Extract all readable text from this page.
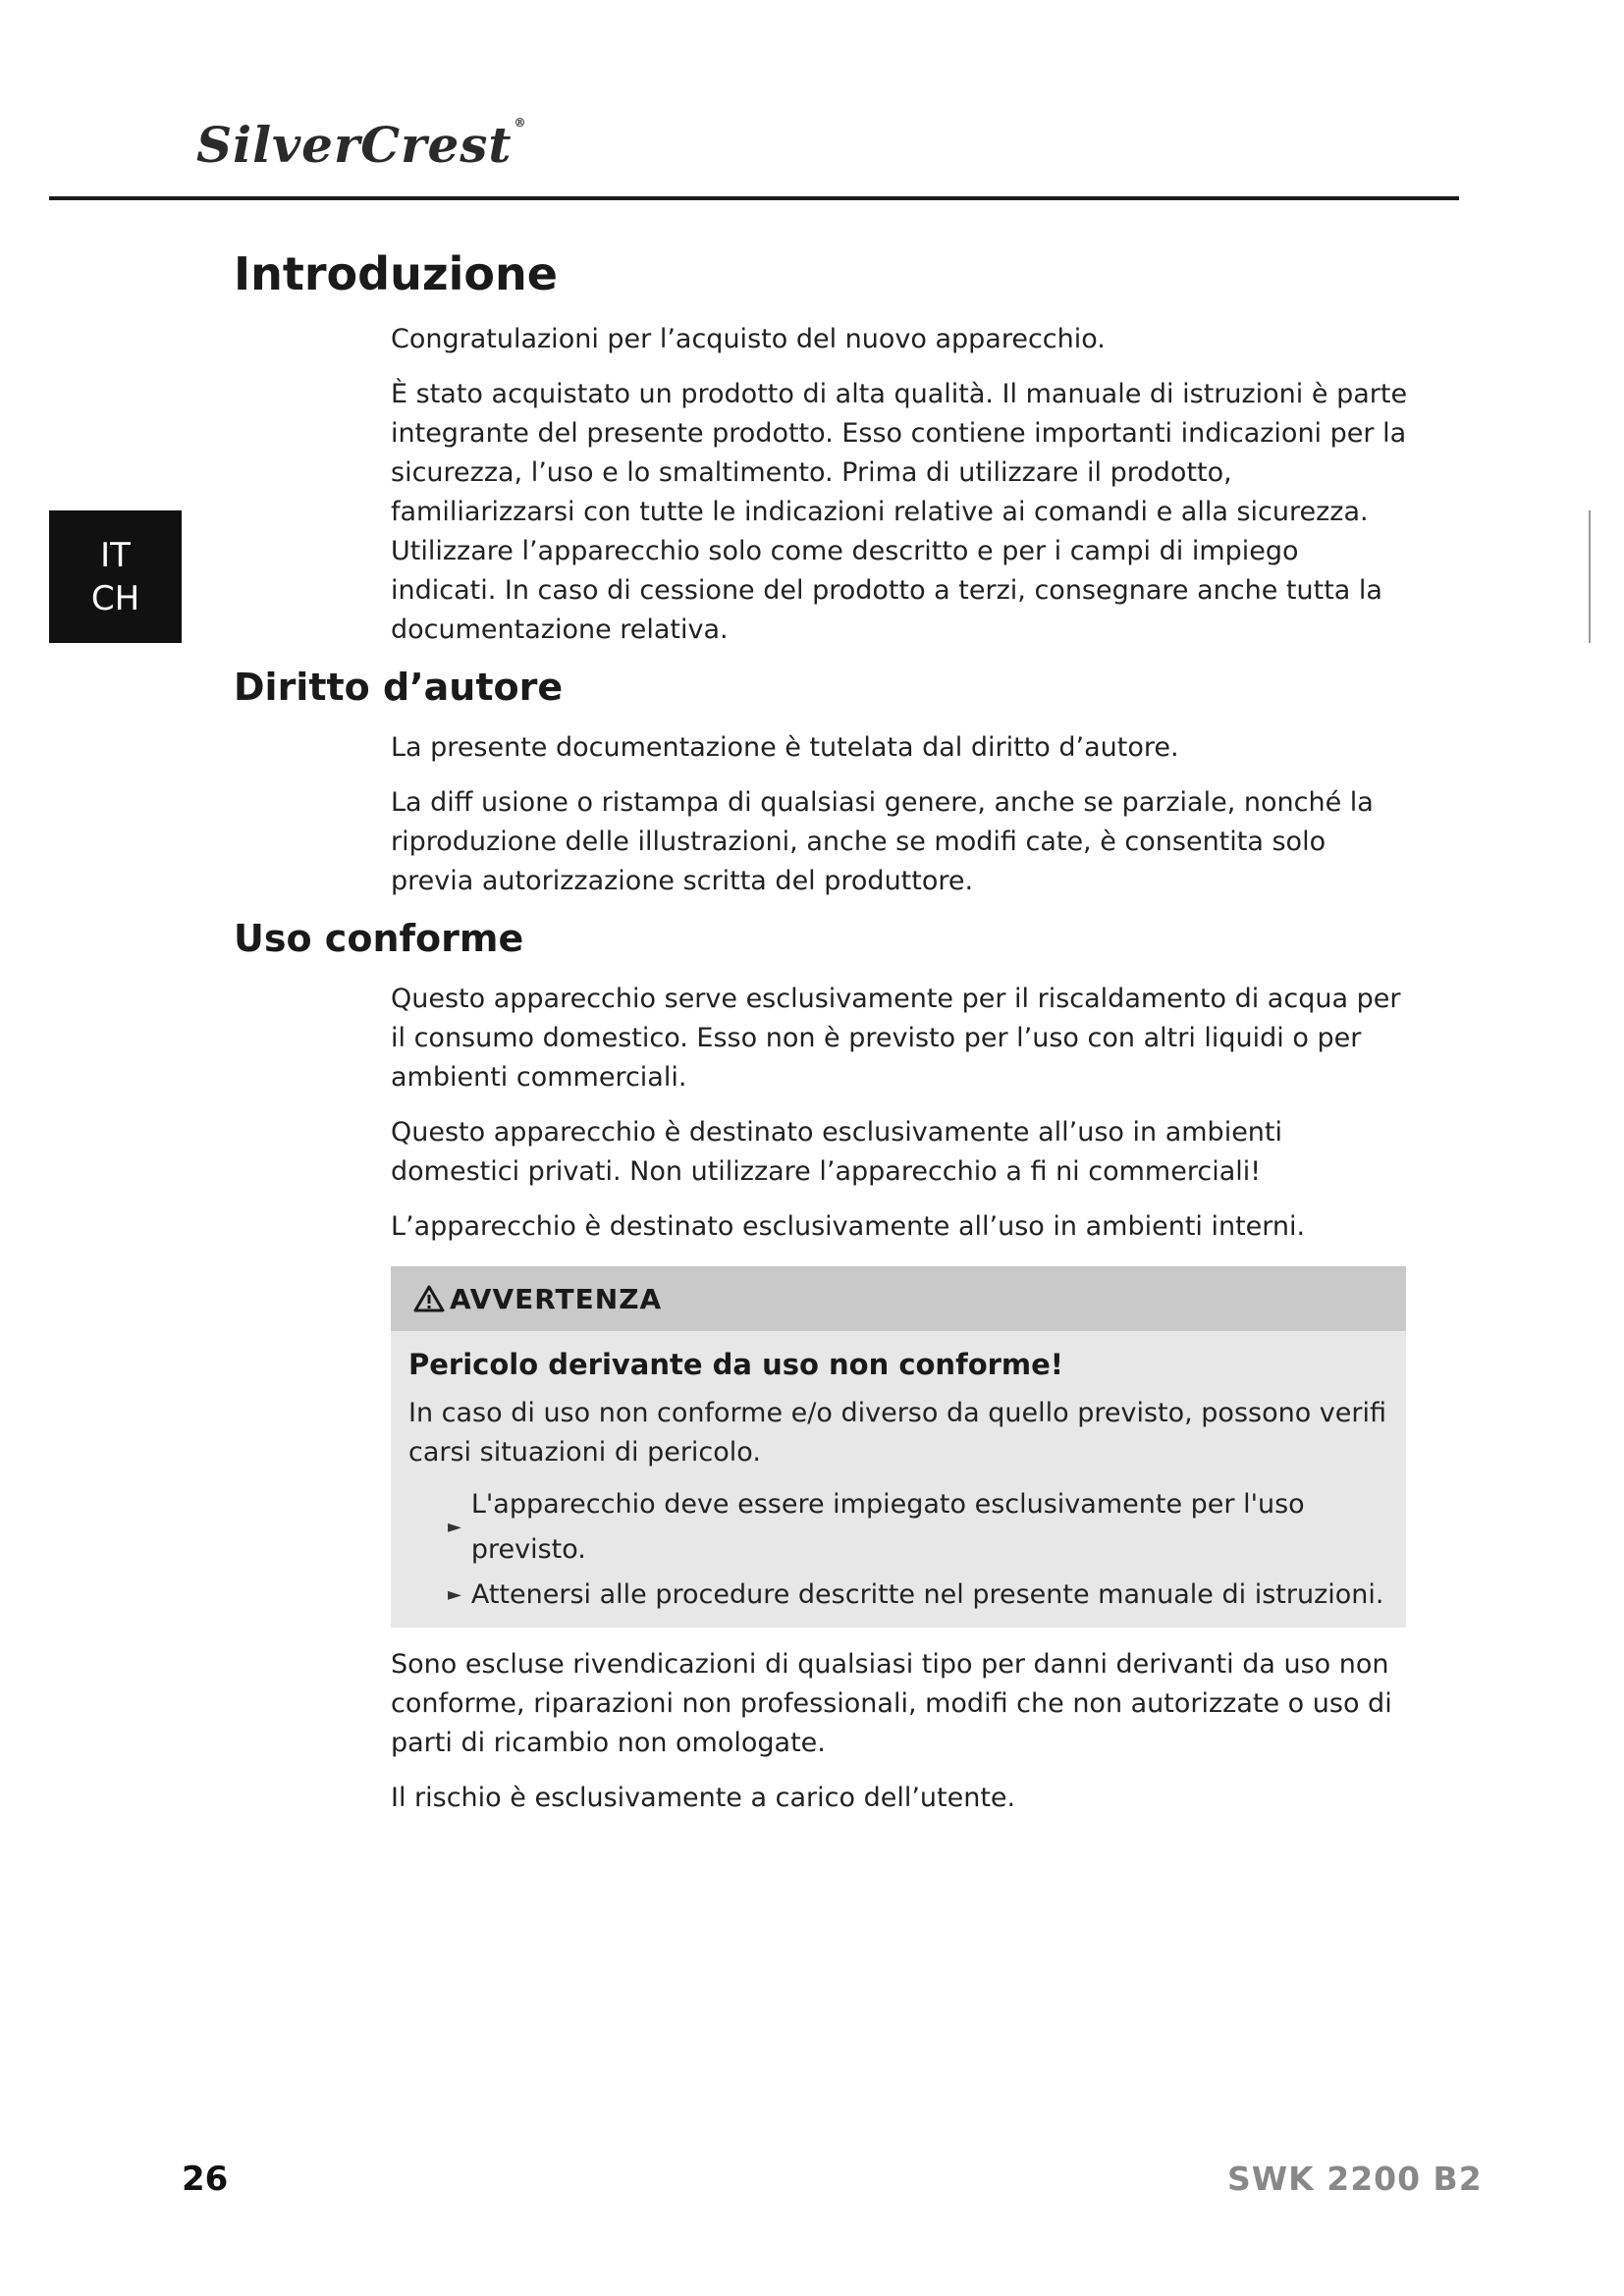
SilverCrest ®
IT
CH
Introduzione

Congratulazioni per l’acquisto del nuovo apparecchio.

È stato acquistato un prodotto di alta qualità. Il manuale di istruzioni è parte integrante del presente prodotto. Esso contiene importanti indicazioni per la sicurezza, l’uso e lo smaltimento. Prima di utilizzare il prodotto, familiarizzarsi con tutte le indicazioni relative ai comandi e alla sicurezza. Utilizzare l’apparecchio solo come descritto e per i campi di impiego indicati. In caso di cessione del prodotto a terzi, consegnare anche tutta la documentazione relativa.

Diritto d’autore

La presente documentazione è tutelata dal diritto d’autore.

La diff usione o ristampa di qualsiasi genere, anche se parziale, nonché la riproduzione delle illustrazioni, anche se modifi cate, è consentita solo previa autorizzazione scritta del produttore.

Uso conforme

Questo apparecchio serve esclusivamente per il riscaldamento di acqua per il consumo domestico. Esso non è previsto per l’uso con altri liquidi o per ambienti commerciali.

Questo apparecchio è destinato esclusivamente all’uso in ambienti domestici privati. Non utilizzare l’apparecchio a fi ni commerciali!

L’apparecchio è destinato esclusivamente all’uso in ambienti interni.

AVVERTENZA
Pericolo derivante da uso non conforme!

In caso di uso non conforme e/o diverso da quello previsto, possono verifi carsi situazioni di pericolo.

►
L'apparecchio deve essere impiegato esclusivamente per l'uso previsto.
► Attenersi alle procedure descritte nel presente manuale di istruzioni.

Sono escluse rivendicazioni di qualsiasi tipo per danni derivanti da uso non conforme, riparazioni non professionali, modifi che non autorizzate o uso di parti di ricambio non omologate.

Il rischio è esclusivamente a carico dell’utente.

26	SWK 2200 B2
